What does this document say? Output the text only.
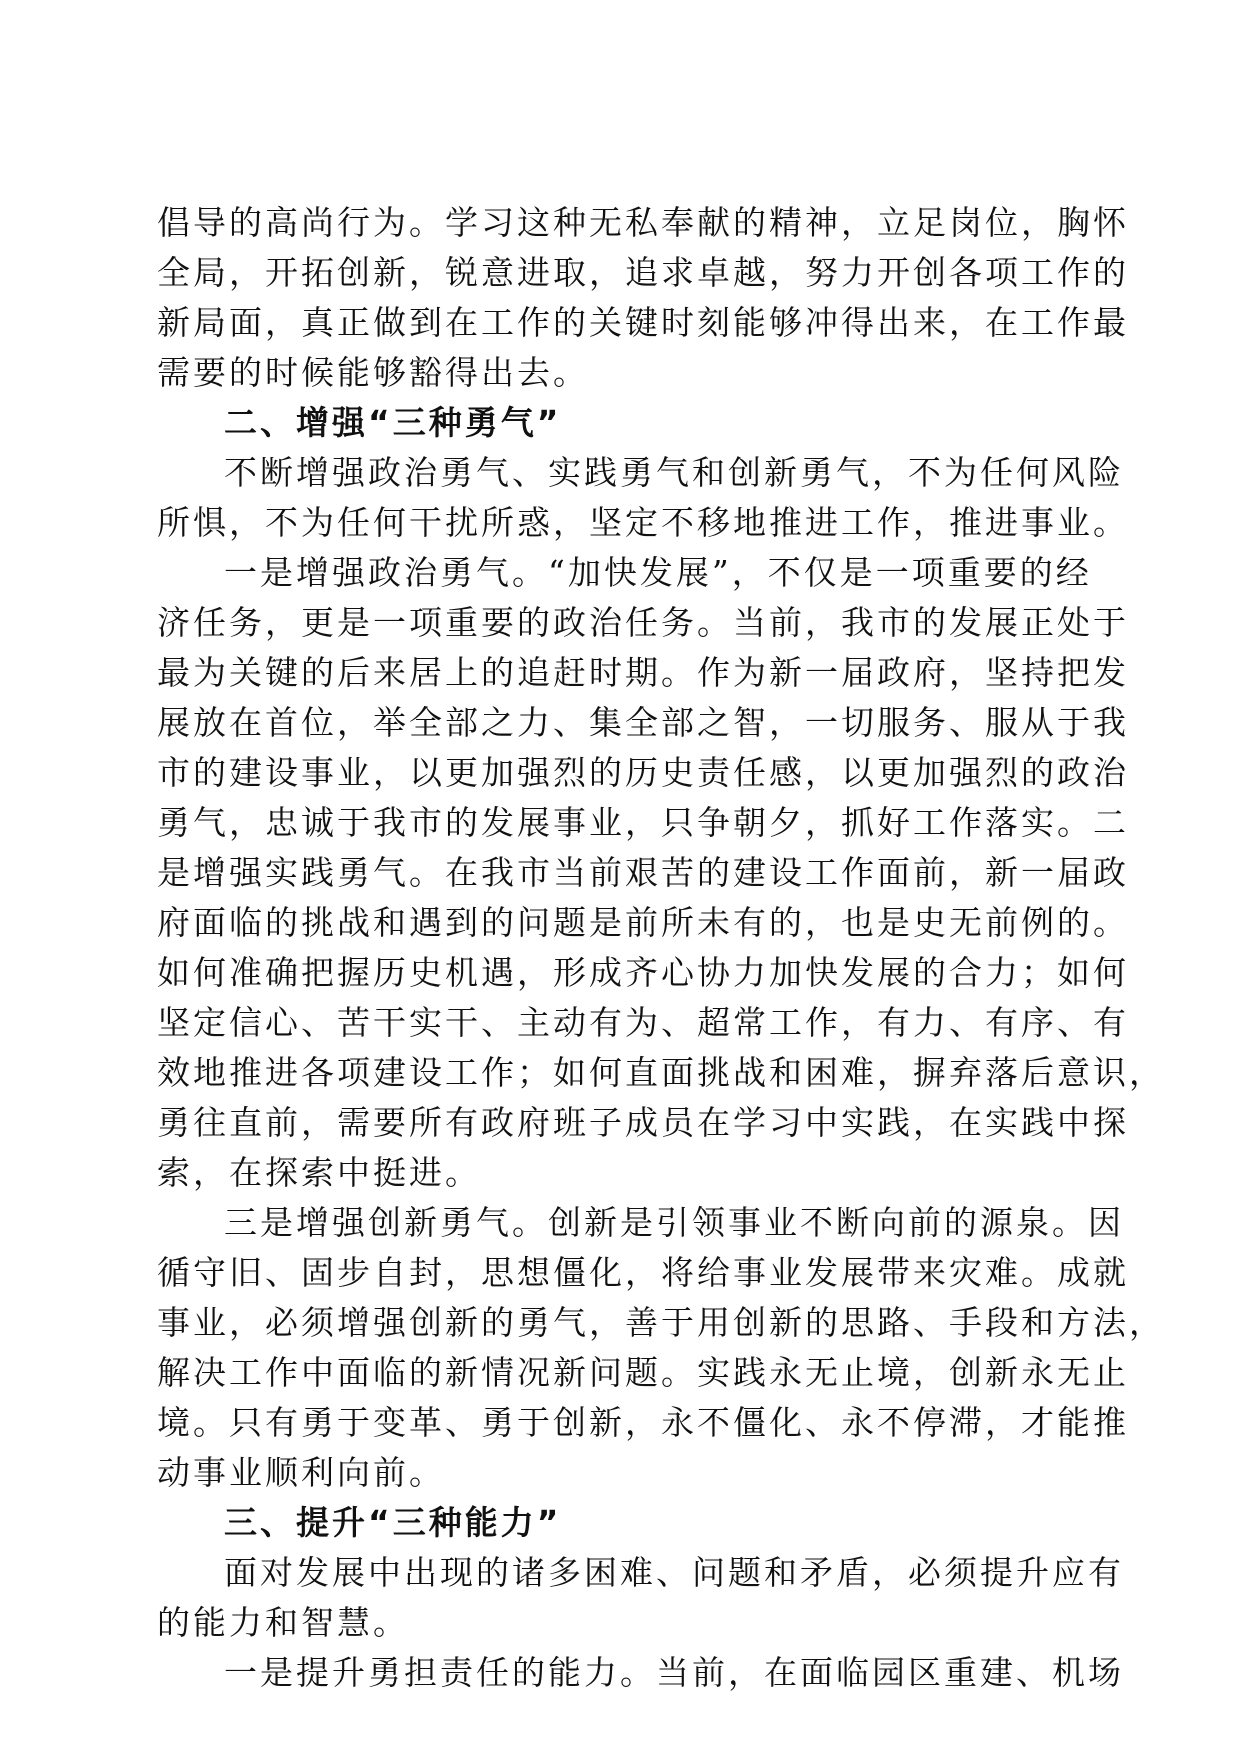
倡导的高尚行为。学习这种无私奉献的精神，立足岗位，胸怀
全局，开拓创新，锐意进取，追求卓越，努力开创各项工作的
新局面，真正做到在工作的关键时刻能够冲得出来，在工作最
需要的时候能够豁得出去。
二、增强“三种勇气”
不断增强政治勇气、实践勇气和创新勇气，不为任何风险
所惧，不为任何干扰所惑，坚定不移地推进工作，推进事业。
一是增强政治勇气。“加快发展”，不仅是一项重要的经
济任务，更是一项重要的政治任务。当前，我市的发展正处于
最为关键的后来居上的追赶时期。作为新一届政府，坚持把发
展放在首位，举全部之力、集全部之智，一切服务、服从于我
市的建设事业，以更加强烈的历史责任感，以更加强烈的政治
勇气，忠诚于我市的发展事业，只争朝夕，抓好工作落实。二
是增强实践勇气。在我市当前艰苦的建设工作面前，新一届政
府面临的挑战和遇到的问题是前所未有的，也是史无前例的。
如何准确把握历史机遇，形成齐心协力加快发展的合力；如何
坚定信心、苦干实干、主动有为、超常工作，有力、有序、有
效地推进各项建设工作；如何直面挑战和困难，摒弃落后意识，
勇往直前，需要所有政府班子成员在学习中实践，在实践中探
索，在探索中挺进。
三是增强创新勇气。创新是引领事业不断向前的源泉。因
循守旧、固步自封，思想僵化，将给事业发展带来灾难。成就
事业，必须增强创新的勇气，善于用创新的思路、手段和方法，
解决工作中面临的新情况新问题。实践永无止境，创新永无止
境。只有勇于变革、勇于创新，永不僵化、永不停滞，才能推
动事业顺利向前。
三、提升“三种能力”
面对发展中出现的诸多困难、问题和矛盾，必须提升应有
的能力和智慧。
一是提升勇担责任的能力。当前，在面临园区重建、机场
